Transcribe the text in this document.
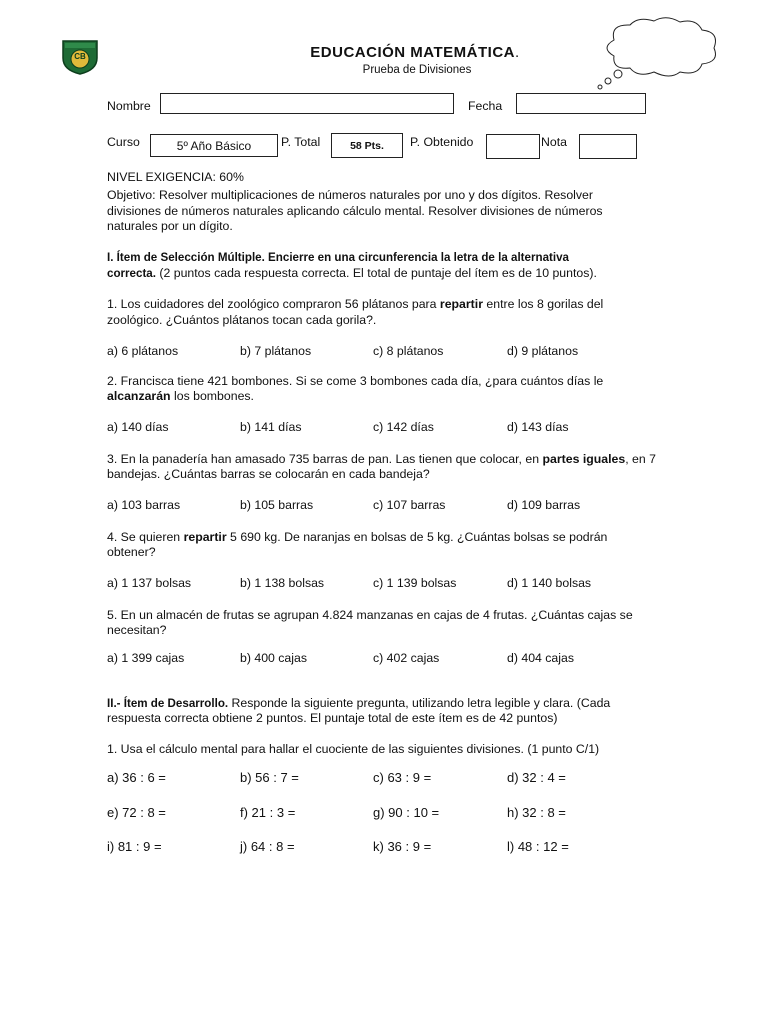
CB	EDUCACIÓN MATEMÁTICA.
Prueba de Divisiones
Nombre	Fecha
Curso	5º Año Básico	P. Total	58 Pts.	P. Obtenido	Nota
NIVEL EXIGENCIA: 60%
Objetivo: Resolver multiplicaciones de números naturales por uno y dos dígitos. Resolver
divisiones de números naturales aplicando cálculo mental. Resolver divisiones de números
naturales por un dígito.
I. Ítem de Selección Múltiple. Encierre en una circunferencia la letra de la alternativa
correcta. (2 puntos cada respuesta correcta. El total de puntaje del ítem es de 10 puntos).
1. Los cuidadores del zoológico compraron 56 plátanos para repartir entre los 8 gorilas del
zoológico. ¿Cuántos plátanos tocan cada gorila?.
a) 6 plátanos	b) 7 plátanos	c) 8 plátanos	d) 9 plátanos
2. Francisca tiene 421 bombones. Si se come 3 bombones cada día, ¿para cuántos días le
alcanzarán los bombones.
a) 140 días	b) 141 días	c) 142 días	d) 143 días
3. En la panadería han amasado 735 barras de pan. Las tienen que colocar, en partes iguales, en 7
bandejas. ¿Cuántas barras se colocarán en cada bandeja?
a) 103 barras	b) 105 barras	c) 107 barras	d) 109 barras
4. Se quieren repartir 5 690 kg. De naranjas en bolsas de 5 kg. ¿Cuántas bolsas se podrán
obtener?
a) 1 137 bolsas	b) 1 138 bolsas	c) 1 139 bolsas	d) 1 140 bolsas
5. En un almacén de frutas se agrupan 4.824 manzanas en cajas de 4 frutas. ¿Cuántas cajas se
necesitan?
a) 1 399 cajas	b) 400 cajas	c) 402 cajas	d) 404 cajas
II.- Ítem de Desarrollo. Responde la siguiente pregunta, utilizando letra legible y clara. (Cada
respuesta correcta obtiene 2 puntos. El puntaje total de este ítem es de 42 puntos)
1. Usa el cálculo mental para hallar el cuociente de las siguientes divisiones. (1 punto C/1)
a) 36 : 6 =	b) 56 : 7 =	c) 63 : 9 =	d) 32 : 4 =
e) 72 : 8 =	f) 21 : 3 =	g) 90 : 10 =	h) 32 : 8 =
i) 81 : 9 =	j) 64 : 8 =	k) 36 : 9 =	l) 48 : 12 =
